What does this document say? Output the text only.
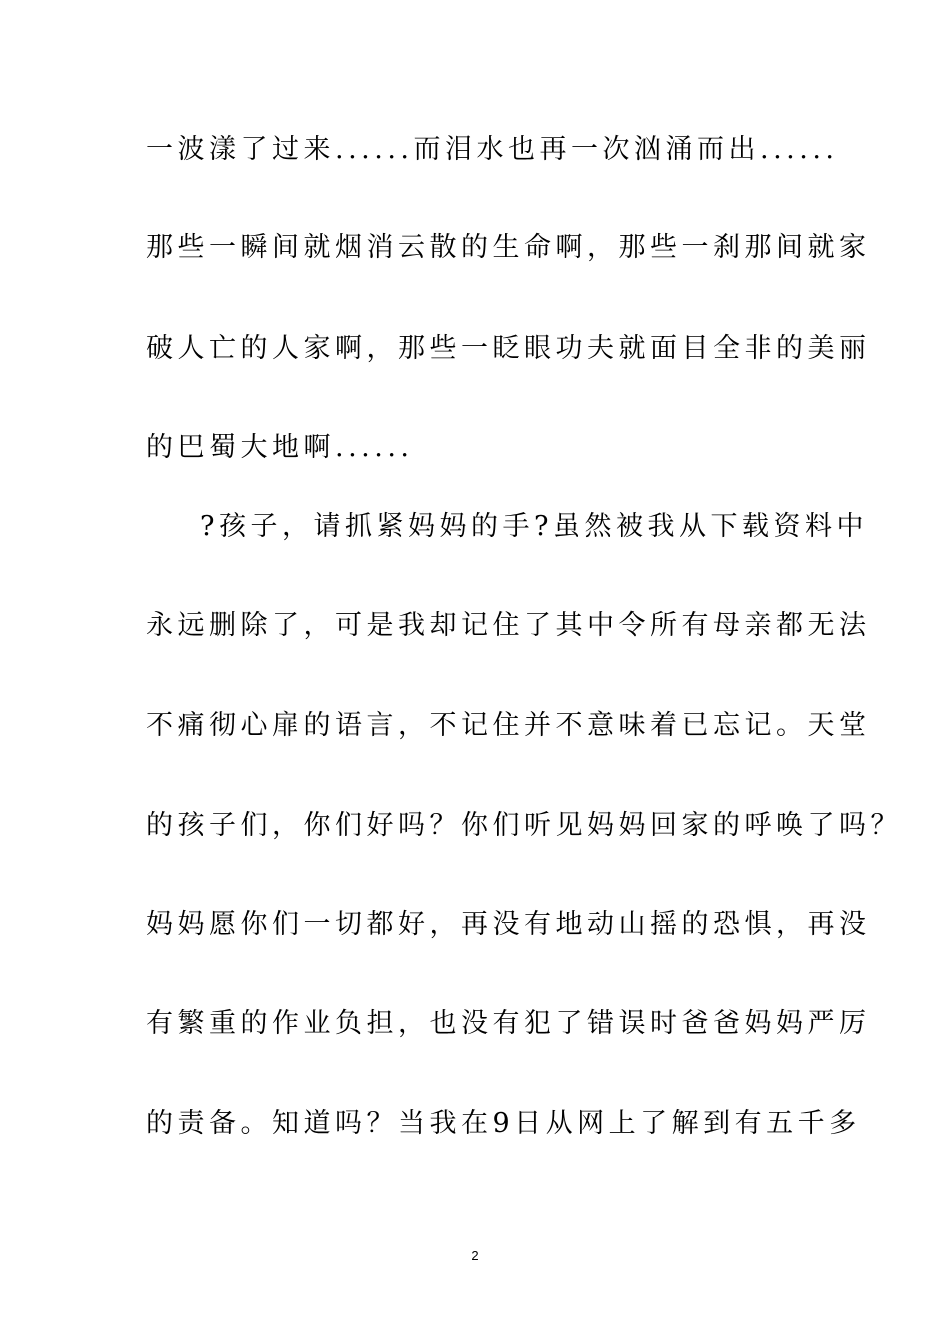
一波漾了过来......而泪水也再一次汹涌而出......
那些一瞬间就烟消云散的生命啊，那些一刹那间就家
破人亡的人家啊，那些一眨眼功夫就面目全非的美丽
的巴蜀大地啊......
?孩子，请抓紧妈妈的手?虽然被我从下载资料中
永远删除了，可是我却记住了其中令所有母亲都无法
不痛彻心扉的语言，不记住并不意味着已忘记。天堂
的孩子们，你们好吗？你们听见妈妈回家的呼唤了吗？
妈妈愿你们一切都好，再没有地动山摇的恐惧，再没
有繁重的作业负担，也没有犯了错误时爸爸妈妈严厉
的责备。知道吗？当我在9日从网上了解到有五千多
2
